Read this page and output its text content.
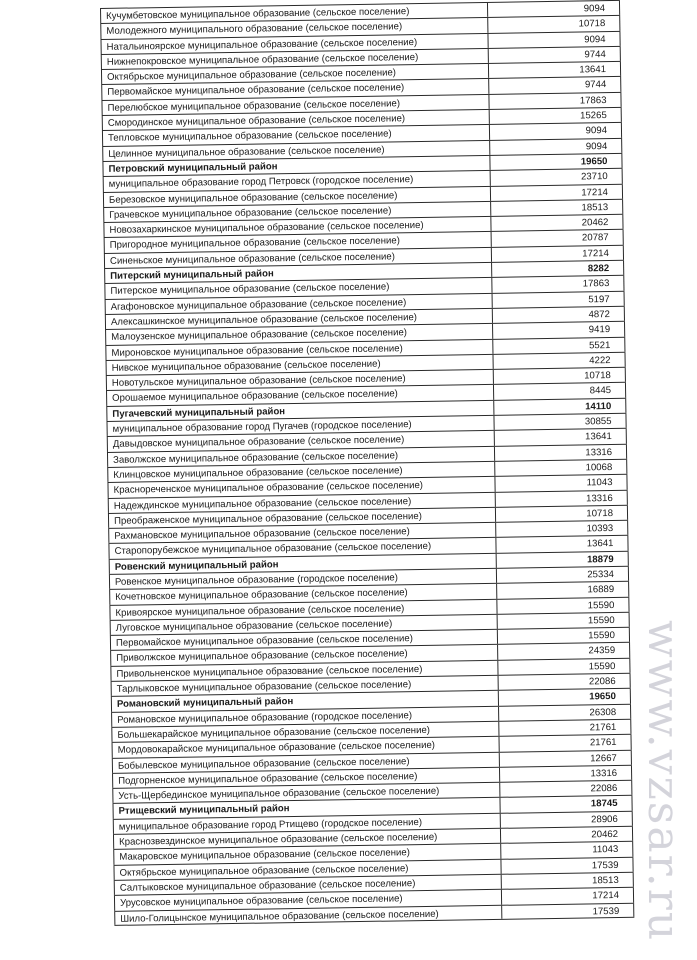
Кучумбетовское муниципальное образование (сельское поселение)	9094
Молодежного муниципального образование (сельское поселение)	10718
Натальиноярское муниципальное образование (сельское поселение)	9094
Нижнепокровское муниципальное образование (сельское поселение)	9744
Октябрьское муниципальное образование (сельское поселение)	13641
Первомайское муниципальное образование (сельское поселение)	9744
Перелюбское муниципальное образование (сельское поселение)	17863
Смородинское муниципальное образование (сельское поселение)	15265
Тепловское муниципальное образование (сельское поселение)	9094
Целинное муниципальное образование (сельское поселение)	9094
Петровский муниципальный район	19650
муниципальное образование город Петровск (городское поселение)	23710
Березовское муниципальное образование (сельское поселение)	17214
Грачевское муниципальное образование (сельское поселение)	18513
Новозахаркинское муниципальное образование (сельское поселение)	20462
Пригородное муниципальное образование (сельское поселение)	20787
Синеньское муниципальное образование (сельское поселение)	17214
Питерский муниципальный район	8282
Питерское муниципальное образование (сельское поселение)	17863
Агафоновское муниципальное образование (сельское поселение)	5197
Алексашкинское муниципальное образование (сельское поселение)	4872
Малоузенское муниципальное образование (сельское поселение)	9419
Мироновское муниципальное образование (сельское поселение)	5521
Нивское муниципальное образование (сельское поселение)	4222
Новотульское муниципальное образование (сельское поселение)	10718
Орошаемое муниципальное образование (сельское поселение)	8445
Пугачевский муниципальный район	14110
муниципальное образование город Пугачев (городское поселение)	30855
Давыдовское муниципальное образование (сельское поселение)	13641
Заволжское муниципальное образование (сельское поселение)	13316
Клинцовское муниципальное образование (сельское поселение)	10068
Краснореченское муниципальное образование (сельское поселение)	11043
Надеждинское муниципальное образование (сельское поселение)	13316
Преображенское муниципальное образование (сельское поселение)	10718
Рахмановское муниципальное образование (сельское поселение)	10393
Старопорубежское муниципальное образование (сельское поселение)	13641
Ровенский муниципальный район	18879
Ровенское муниципальное образование (городское поселение)	25334
Кочетновское муниципальное образование (сельское поселение)	16889
Кривоярское муниципальное образование (сельское поселение)	15590
Луговское муниципальное образование (сельское поселение)	15590
Первомайское муниципальное образование (сельское поселение)	15590
Приволжское муниципальное образование (сельское поселение)	24359
Привольненское муниципальное образование (сельское поселение)	15590
Тарлыковское муниципальное образование (сельское поселение)	22086
Романовский муниципальный район	19650
Романовское муниципальное образование (городское поселение)	26308
Большекарайское муниципальное образование (сельское поселение)	21761
Мордовокарайское муниципальное образование (сельское поселение)	21761
Бобылевское муниципальное образование (сельское поселение)	12667
Подгорненское муниципальное образование (сельское поселение)	13316
Усть-Щербединское муниципальное образование (сельское поселение)	22086
Ртищевский муниципальный район	18745
муниципальное образование город Ртищево (городское поселение)	28906
Краснозвездинское муниципальное образование (сельское поселение)	20462
Макаровское муниципальное образование (сельское поселение)	11043
Октябрьское муниципальное образование (сельское поселение)	17539
Салтыковское муниципальное образование (сельское поселение)	18513
Урусовское муниципальное образование (сельское поселение)	17214
Шило-Голицынское муниципальное образование (сельское поселение)	17539 www.vzsar.ru
